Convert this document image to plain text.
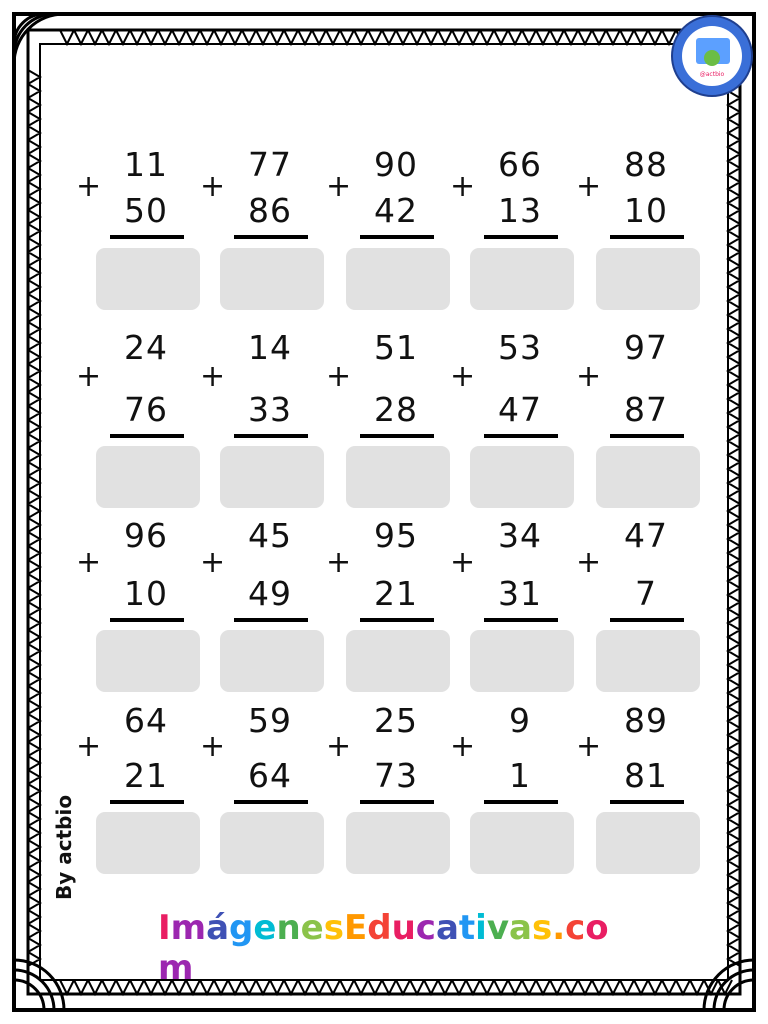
@actbio
+
11
50
+
77
86
+
90
42
+
66
13
+
88
10
+
24
76
+
14
33
+
51
28
+
53
47
+
97
87
+
96
10
+
45
49
+
95
21
+
34
31
+
47
7
+
64
21
+
59
64
+
25
73
+
9
1
+
89
81
By actbio
ImágenesEducativas.com
